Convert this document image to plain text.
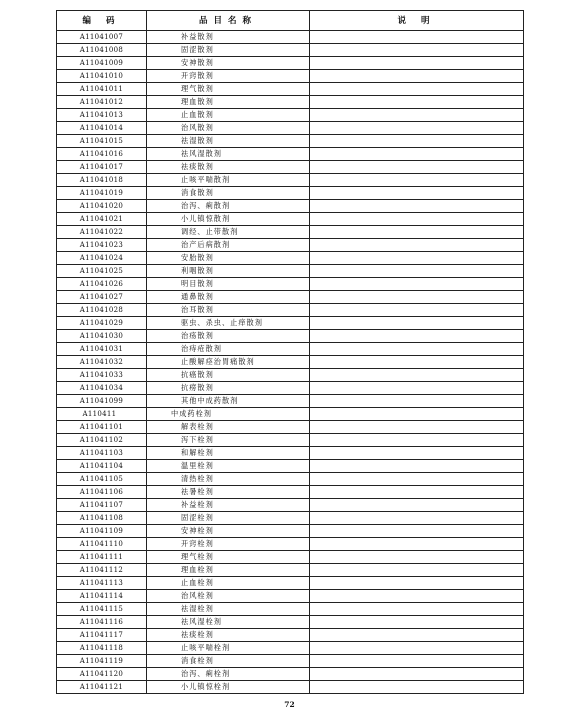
编 码	品目名称	说 明
A11041007	补益散剂	
A11041008	固涩散剂	
A11041009	安神散剂	
A11041010	开窍散剂	
A11041011	理气散剂	
A11041012	理血散剂	
A11041013	止血散剂	
A11041014	治风散剂	
A11041015	祛湿散剂	
A11041016	祛风湿散剂	
A11041017	祛痰散剂	
A11041018	止咳平喘散剂	
A11041019	消食散剂	
A11041020	治泻、痢散剂	
A11041021	小儿镇惊散剂	
A11041022	调经、止带散剂	
A11041023	治产后病散剂	
A11041024	安胎散剂	
A11041025	利咽散剂	
A11041026	明目散剂	
A11041027	通鼻散剂	
A11041028	治耳散剂	
A11041029	驱虫、杀虫、止痒散剂	
A11041030	治疡散剂	
A11041031	治痔疮散剂	
A11041032	止酸解痉治胃痛散剂	
A11041033	抗癌散剂	
A11041034	抗痨散剂	
A11041099	其他中成药散剂	
A110411	中成药栓剂	
A11041101	解表栓剂	
A11041102	泻下栓剂	
A11041103	和解栓剂	
A11041104	温里栓剂	
A11041105	清热栓剂	
A11041106	祛暑栓剂	
A11041107	补益栓剂	
A11041108	固涩栓剂	
A11041109	安神栓剂	
A11041110	开窍栓剂	
A11041111	理气栓剂	
A11041112	理血栓剂	
A11041113	止血栓剂	
A11041114	治风栓剂	
A11041115	祛湿栓剂	
A11041116	祛风湿栓剂	
A11041117	祛痰栓剂	
A11041118	止咳平喘栓剂	
A11041119	消食栓剂	
A11041120	治泻、痢栓剂	
A11041121	小儿镇惊栓剂	
72
